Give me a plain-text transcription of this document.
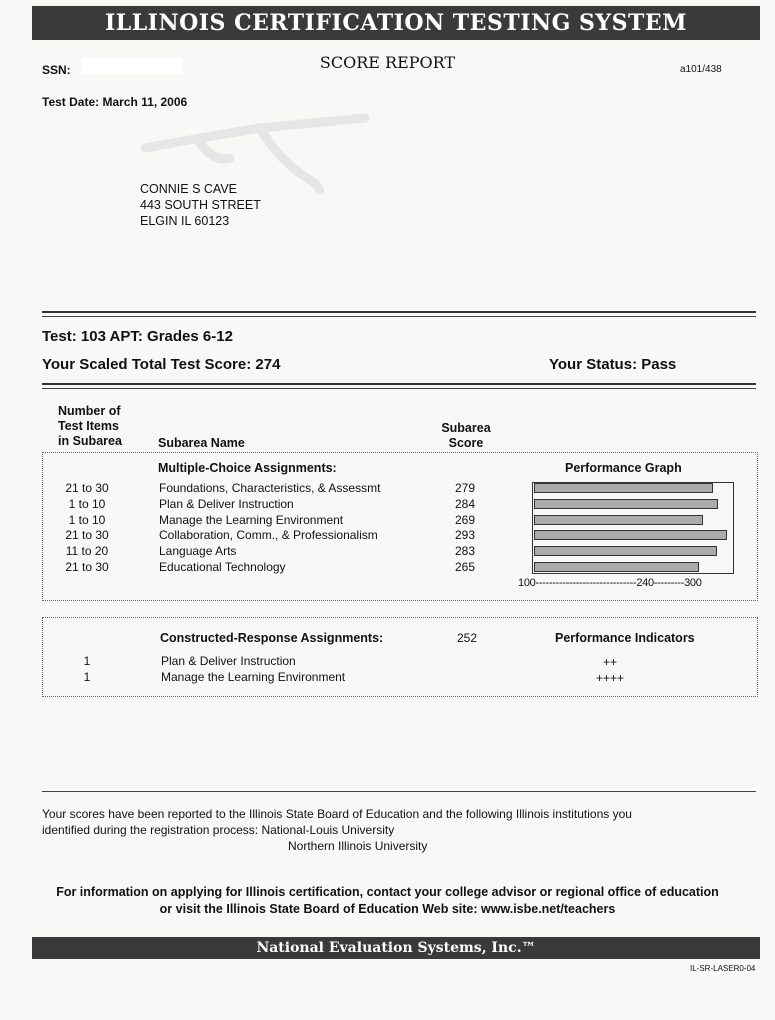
ILLINOIS CERTIFICATION TESTING SYSTEM
SCORE REPORT
SSN:	a101/438
Test Date: March 11, 2006
CONNIE S CAVE
443 SOUTH STREET
ELGIN IL 60123
Test: 103 APT: Grades 6-12
Your Scaled Total Test Score: 274	Your Status: Pass
Number of
Test Items
in Subarea	Subarea Name
Subarea
Score
Multiple-Choice Assignments:	Performance Graph
21 to 30	Foundations, Characteristics, & Assessmt	279
1 to 10	Plan & Deliver Instruction	284
1 to 10	Manage the Learning Environment	269
21 to 30	Collaboration, Comm., & Professionalism	293
11 to 20	Language Arts	283
21 to 30	Educational Technology	265
100------------------------------240---------300
Constructed-Response Assignments:	252	Performance Indicators
1	Plan & Deliver Instruction	++
1	Manage the Learning Environment	++++
Your scores have been reported to the Illinois State Board of Education and the following Illinois institutions you
identified during the registration process: National-Louis University
Northern Illinois University
For information on applying for Illinois certification, contact your college advisor or regional office of education
or visit the Illinois State Board of Education Web site: www.isbe.net/teachers
National Evaluation Systems, Inc.™
IL-SR-LASER0-04
